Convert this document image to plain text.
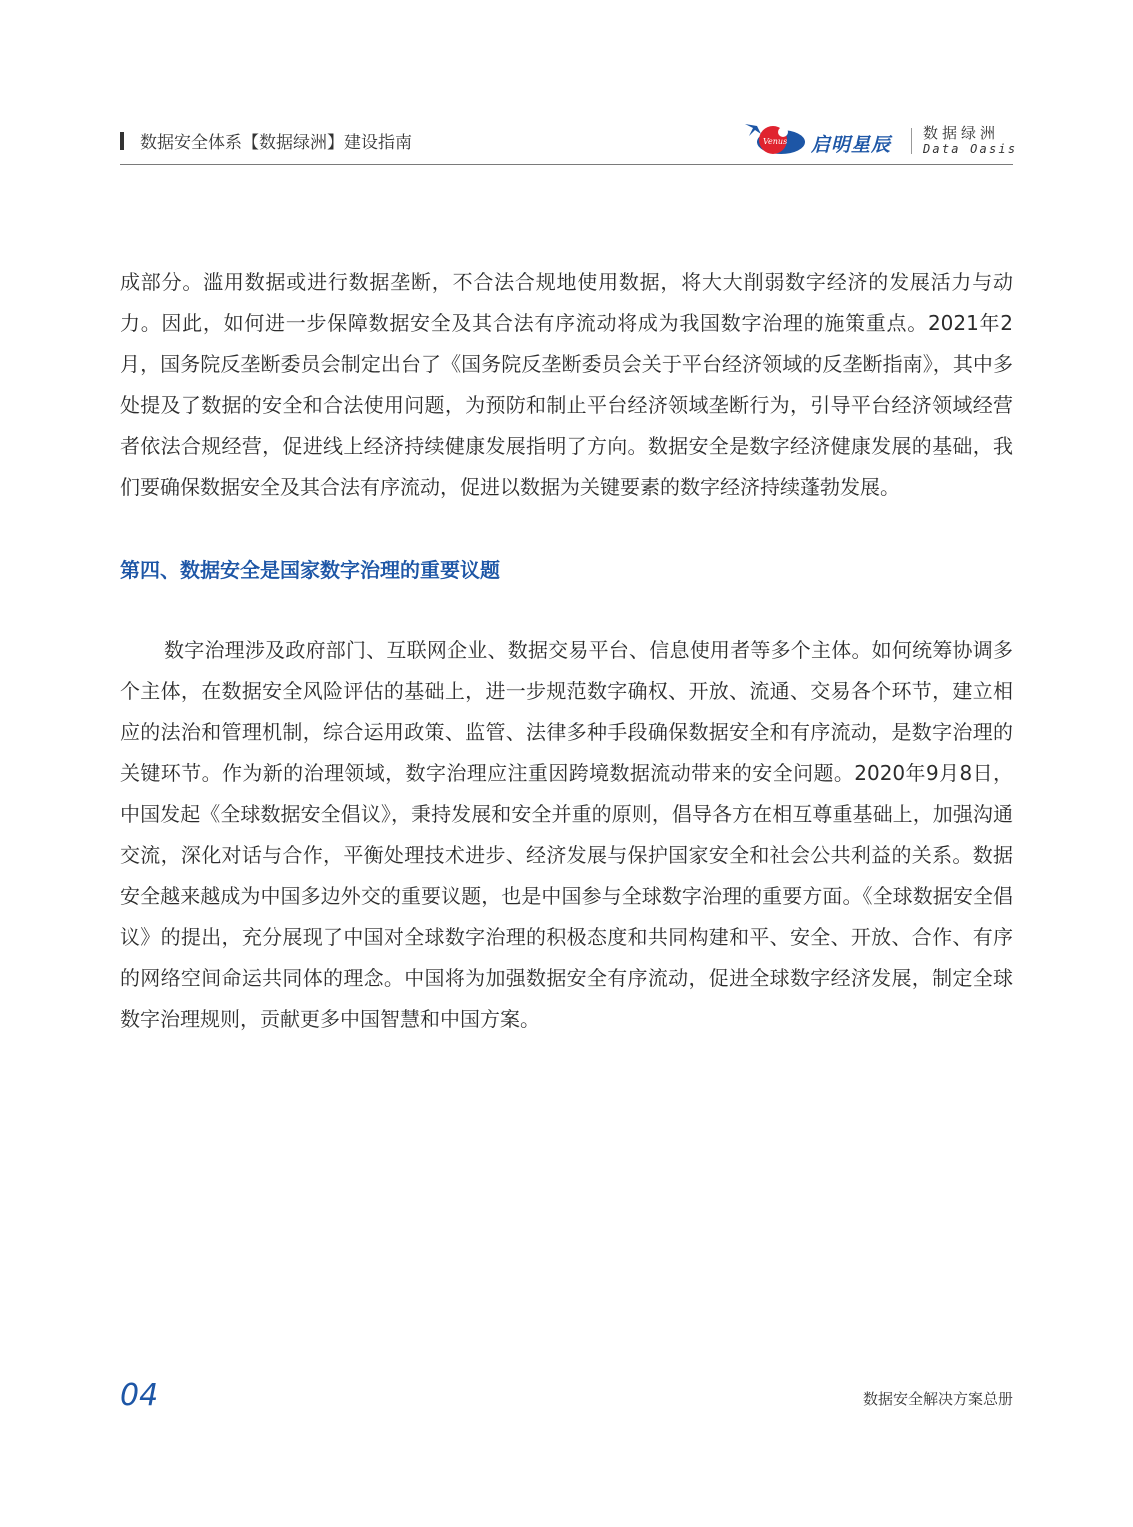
数据安全体系【数据绿洲】建设指南	Venus 启明星辰
数据绿洲
Data Oasis

成部分。滥用数据或进行数据垄断，不合法合规地使用数据，将大大削弱数字经济的发展活力与动力。因此，如何进一步保障数据安全及其合法有序流动将成为我国数字治理的施策重点。2021年2月，国务院反垄断委员会制定出台了《国务院反垄断委员会关于平台经济领域的反垄断指南》，其中多处提及了数据的安全和合法使用问题，为预防和制止平台经济领域垄断行为，引导平台经济领域经营者依法合规经营，促进线上经济持续健康发展指明了方向。数据安全是数字经济健康发展的基础，我们要确保数据安全及其合法有序流动，促进以数据为关键要素的数字经济持续蓬勃发展。

第四、数据安全是国家数字治理的重要议题

数字治理涉及政府部门、互联网企业、数据交易平台、信息使用者等多个主体。如何统筹协调多个主体，在数据安全风险评估的基础上，进一步规范数字确权、开放、流通、交易各个环节，建立相应的法治和管理机制，综合运用政策、监管、法律多种手段确保数据安全和有序流动，是数字治理的关键环节。作为新的治理领域，数字治理应注重因跨境数据流动带来的安全问题。2020年9月8日，中国发起《全球数据安全倡议》，秉持发展和安全并重的原则，倡导各方在相互尊重基础上，加强沟通交流，深化对话与合作，平衡处理技术进步、经济发展与保护国家安全和社会公共利益的关系。数据安全越来越成为中国多边外交的重要议题，也是中国参与全球数字治理的重要方面。《全球数据安全倡议》的提出，充分展现了中国对全球数字治理的积极态度和共同构建和平、安全、开放、合作、有序的网络空间命运共同体的理念。中国将为加强数据安全有序流动，促进全球数字经济发展，制定全球数字治理规则，贡献更多中国智慧和中国方案。

04	数据安全解决方案总册
